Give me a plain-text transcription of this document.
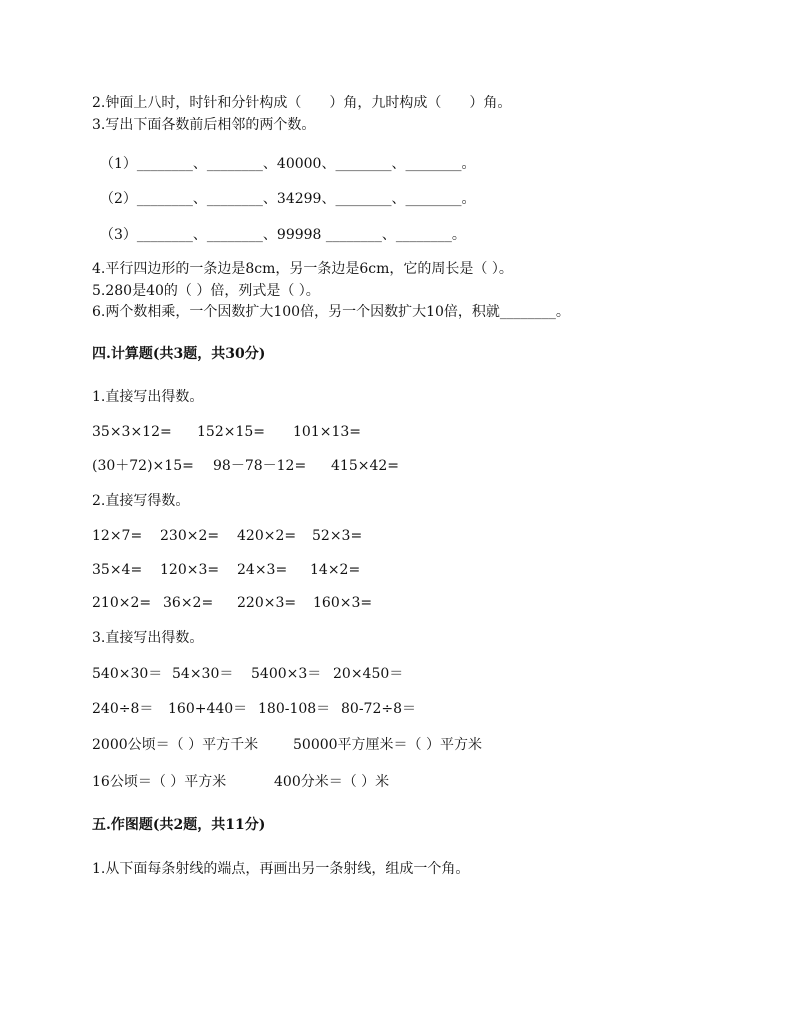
2.钟面上八时，时针和分针构成（　　）角，九时构成（　　）角。
3.写出下面各数前后相邻的两个数。
（1）________、________、40000、________、________。
（2）________、________、34299、________、________。
（3）________、________、99998 ________、________。
4.平行四边形的一条边是8cm，另一条边是6cm，它的周长是（ ）。
5.280是40的（ ）倍，列式是（ ）。
6.两个数相乘，一个因数扩大100倍，另一个因数扩大10倍，积就________。
四.计算题(共3题，共30分)
1.直接写出得数。
35×3×12= 152×15= 101×13=
(30＋72)×15= 98－78－12= 415×42=
2.直接写得数。
12×7= 230×2= 420×2= 52×3=
35×4= 120×3= 24×3= 14×2=
210×2= 36×2= 220×3= 160×3=
3.直接写出得数。
540×30＝ 54×30＝ 5400×3＝ 20×450＝
240÷8＝ 160+440＝ 180-108＝ 80-72÷8＝
2000公顷＝（ ）平方千米 50000平方厘米＝（ ）平方米
16公顷＝（ ）平方米	400分米＝（ ）米
五.作图题(共2题，共11分)
1.从下面每条射线的端点，再画出另一条射线，组成一个角。
